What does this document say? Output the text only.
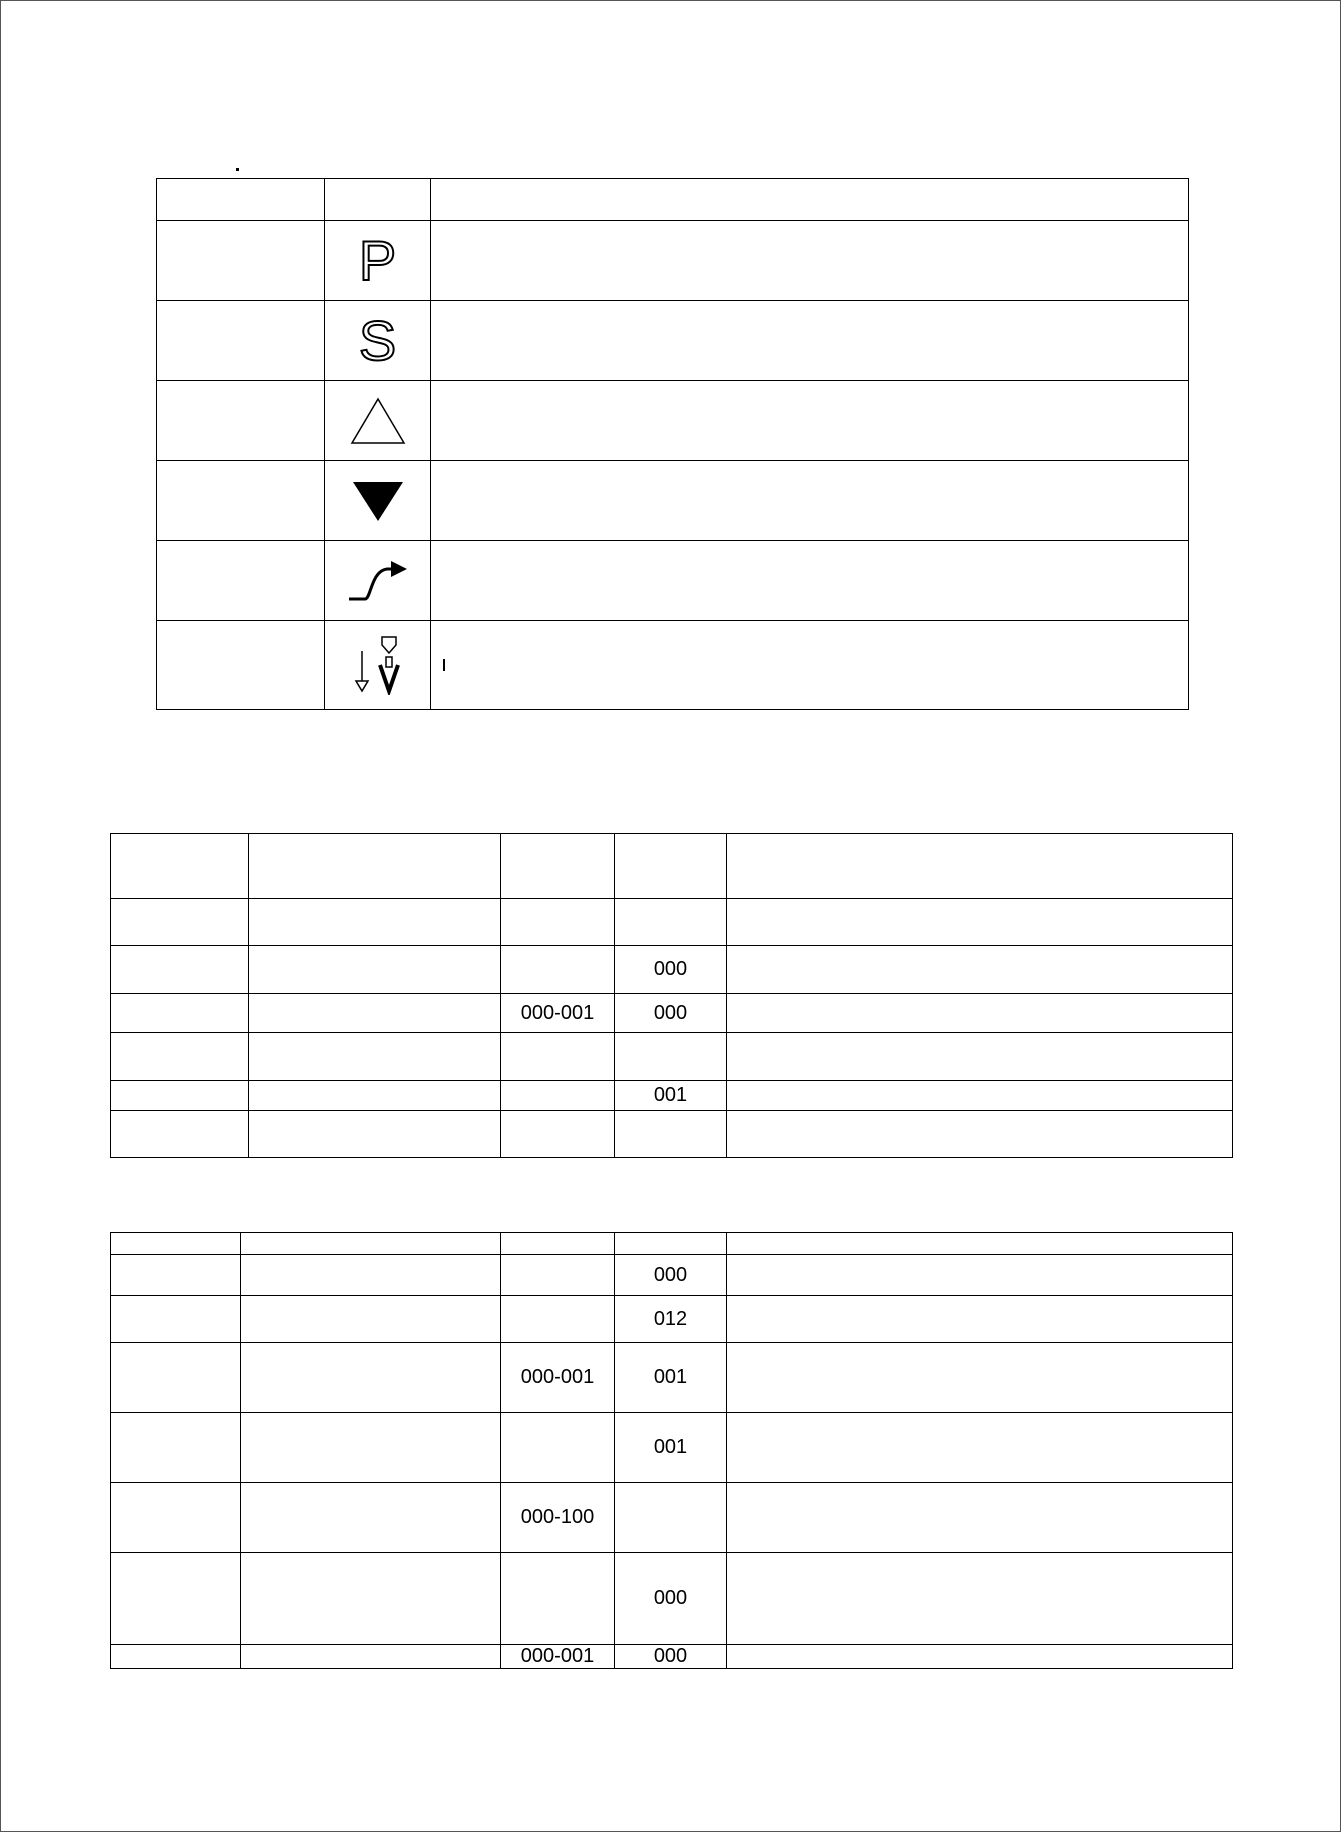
	P	
	S	

			000	
		000-001	000	

			001	

			000	
			012	
		000-001	001	
			001	
		000-100		
			000	
		000-001	000	
